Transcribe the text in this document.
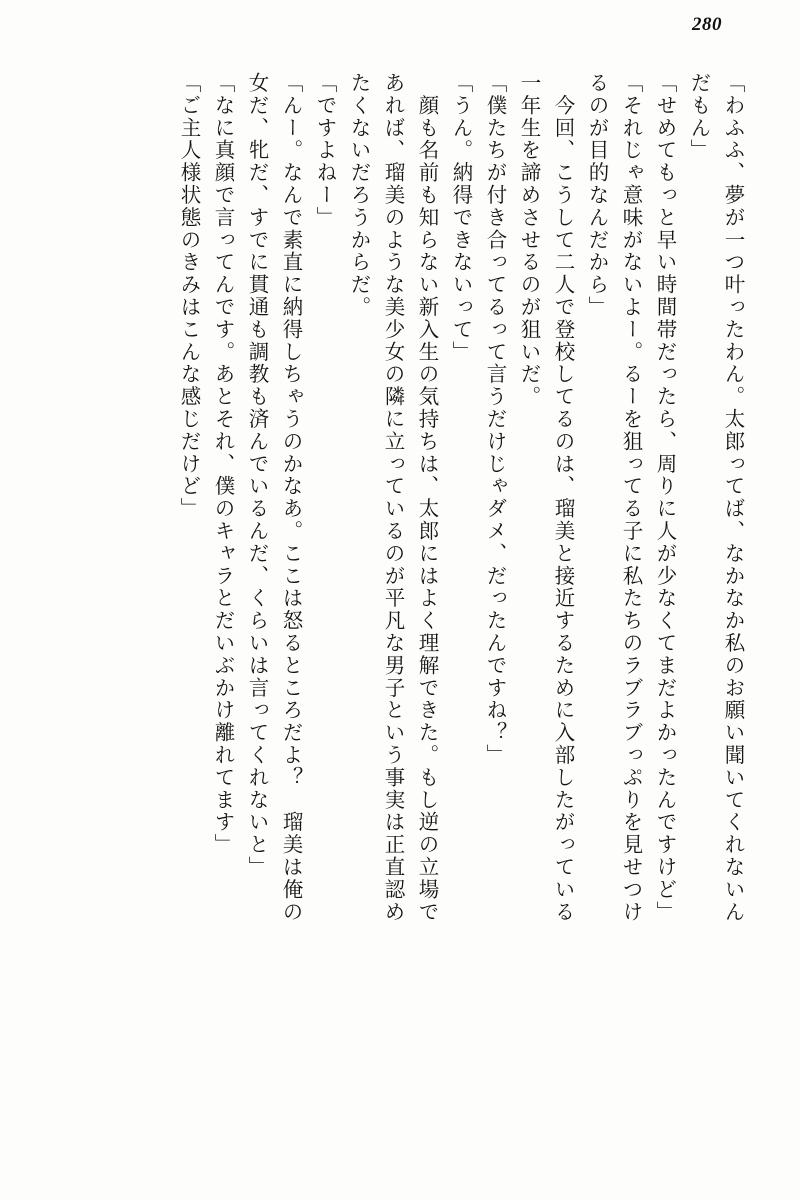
280
「わふふ、夢が一つ叶ったわん。太郎ってば、なかなか私のお願い聞いてくれないん
だもん」
「せめてもっと早い時間帯だったら、周りに人が少なくてまだよかったんですけど」
「それじゃ意味がないよー。るーを狙ってる子に私たちのラブラブっぷりを見せつけ
るのが目的なんだから」
　今回、こうして二人で登校してるのは、瑠美と接近するために入部したがっている
一年生を諦めさせるのが狙いだ。
「僕たちが付き合ってるって言うだけじゃダメ、だったんですね？」
「うん。納得できないって」
　顔も名前も知らない新入生の気持ちは、太郎にはよく理解できた。もし逆の立場で
あれば、瑠美のような美少女の隣に立っているのが平凡な男子という事実は正直認め
たくないだろうからだ。
「ですよねー」
「んー。なんで素直に納得しちゃうのかなあ。ここは怒るところだよ？　瑠美は俺の
女だ、牝だ、すでに貫通も調教も済んでいるんだ、くらいは言ってくれないと」
「なに真顔で言ってんです。あとそれ、僕のキャラとだいぶかけ離れてます」
「ご主人様状態のきみはこんな感じだけど」
